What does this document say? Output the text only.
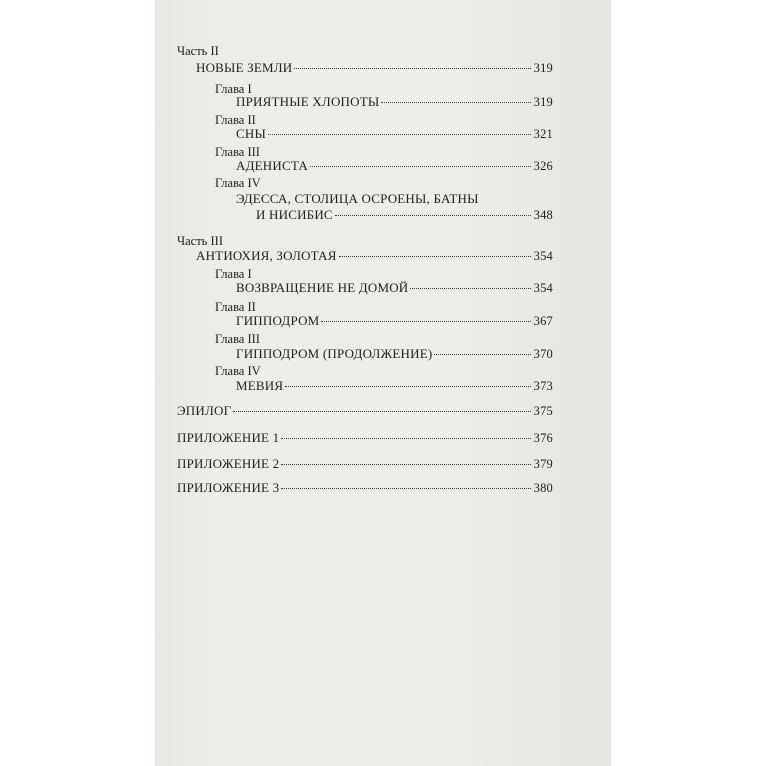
Часть II
НОВЫЕ ЗЕМЛИ	319
Глава I
ПРИЯТНЫЕ ХЛОПОТЫ	319
Глава II
СНЫ	321
Глава III
АДЕНИСТА	326
Глава IV
ЭДЕССА, СТОЛИЦА ОСРОЕНЫ, БАТНЫ
И НИСИБИС	348
Часть III
АНТИОХИЯ, ЗОЛОТАЯ	354
Глава I
ВОЗВРАЩЕНИЕ НЕ ДОМОЙ	354
Глава II
ГИППОДРОМ	367
Глава III
ГИППОДРОМ (ПРОДОЛЖЕНИЕ)	370
Глава IV
МЕВИЯ	373
ЭПИЛОГ	375
ПРИЛОЖЕНИЕ 1	376
ПРИЛОЖЕНИЕ 2	379
ПРИЛОЖЕНИЕ 3	380
